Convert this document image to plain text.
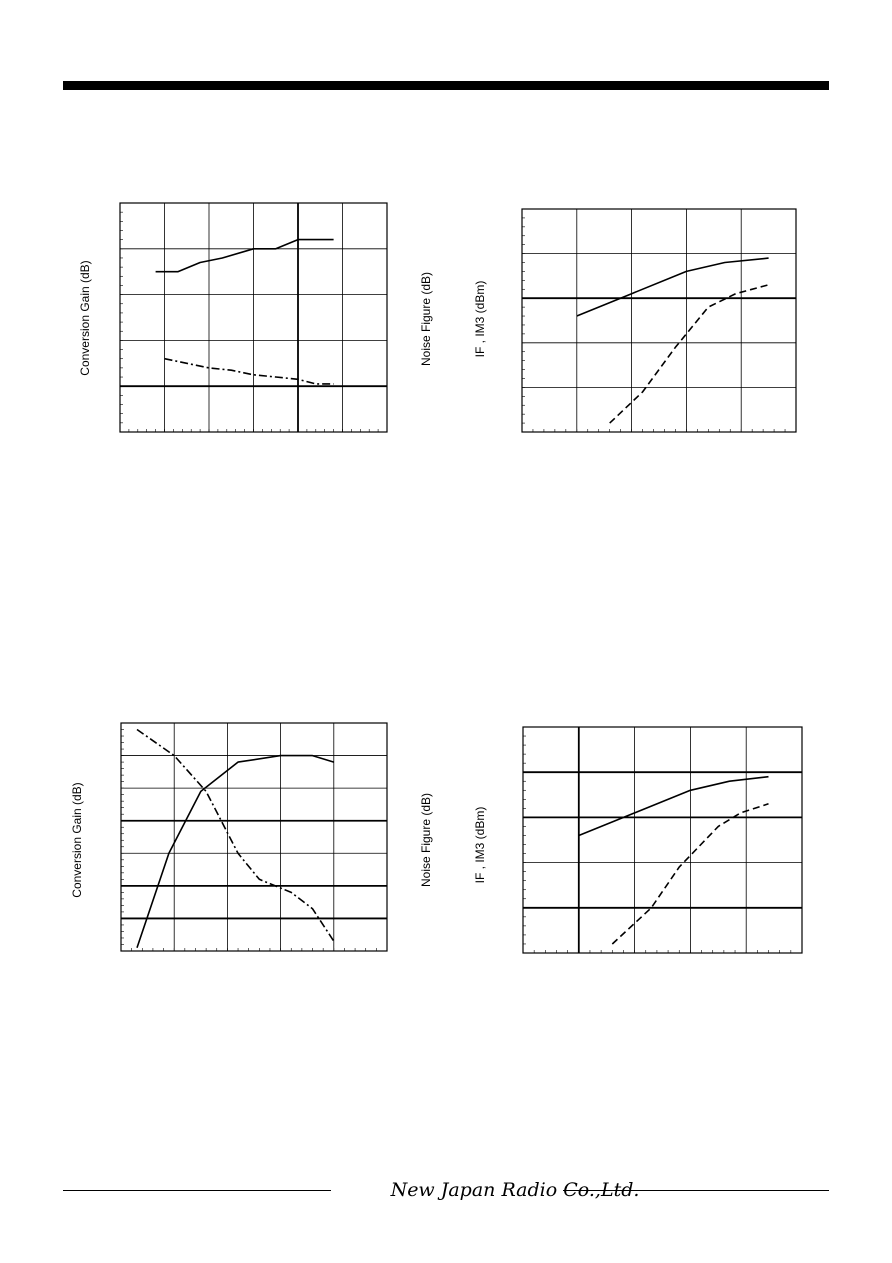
Conversion Gain (dB)	Noise Figure (dB)	IF , IM3 (dBm)
Conversion Gain (dB)	Noise Figure (dB)	IF , IM3 (dBm)
New Japan Radio Co.,Ltd.
